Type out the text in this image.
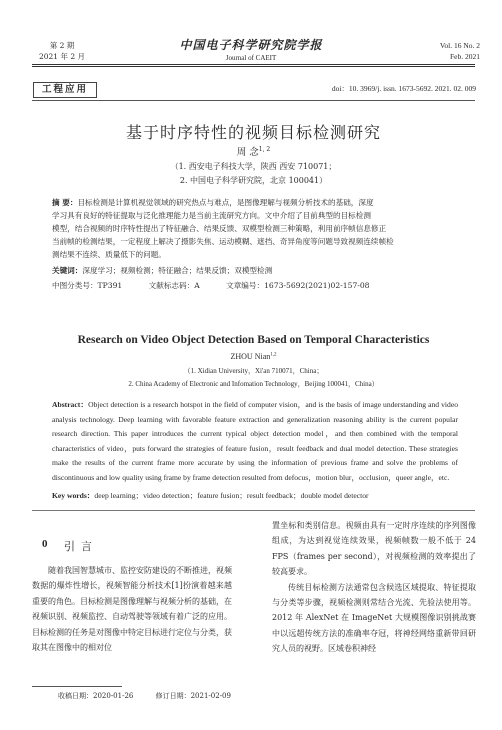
第 2 期
2021 年 2 月
中国电子科学研究院学报
Journal of CAEIT
Vol. 16 No. 2
Feb. 2021
工程应用	doi：10. 3969/j. issn. 1673-5692. 2021. 02. 009
基于时序特性的视频目标检测研究
周 念$^{1, 2}$
（1. 西安电子科技大学，陕西 西安 710071；
2. 中国电子科学研究院，北京 100041）
摘 要：目标检测是计算机视觉领域的研究热点与难点，是图像理解与视频分析技术的基础，深度
学习具有良好的特征提取与泛化推理能力是当前主流研究方向。文中介绍了目前典型的目标检测
模型，结合视频的时序特性提出了特征融合、结果反馈、双模型检测三种策略，利用前序帧信息修正
当前帧的检测结果，一定程度上解决了摄影失焦、运动模糊、遮挡、奇异角度等问题导致视频连续帧检
测结果不连续、质量低下的问题。
关键词：深度学习；视频检测；特征融合；结果反馈；双模型检测
中图分类号：TP391	文献标志码：A	文章编号：1673-5692(2021)02-157-08
Research on Video Object Detection Based on Temporal Characteristics
ZHOU Nian$^{1,2}$
（1. Xidian University，Xi'an 710071，China；
2. China Academy of Electronic and Infomation Technology，Beijing 100041，China）
Abstract：Object detection is a research hotspot in the field of computer vision，and is the basis of image understanding and video analysis technology. Deep learning with favorable feature extraction and generalization reasoning ability is the current popular research direction. This paper introduces the current typical object detection model，and then combined with the temporal characteristics of video，puts forward the strategies of feature fusion，result feedback and dual model detection. These strategies make the results of the current frame more accurate by using the information of previous frame and solve the problems of discontinuous and low quality using frame by frame detection resulted from defocus，motion blur，occlusion，queer angle，etc.
Key words：deep learning；video detection；feature fusion；result feedback；double model detector
0 引言

随着我国智慧城市、监控安防建设的不断推进，视频数据的爆炸性增长，视频智能分析技术[1]扮演着越来越重要的角色。目标检测是图像理解与视频分析的基础，在视频识别、视频监控、自动驾驶等领域有着广泛的应用。目标检测的任务是对图像中特定目标进行定位与分类，获取其在图像中的相对位

置坐标和类别信息。视频由具有一定时序连续的序列图像组成，为达到视觉连续效果，视频帧数一般不低于 24 FPS（frames per second），对视频检测的效率提出了较高要求。

传统目标检测方法通常包含候选区域提取、特征提取与分类等步骤，视频检测则常结合光流、先验法使用等。2012 年 AlexNet 在 ImageNet 大规模图像识别挑战赛中以远超传统方法的准确率夺冠，将神经网络重新带回研究人员的视野。区域卷积神经

收稿日期：2020-01-26	修订日期：2021-02-09
